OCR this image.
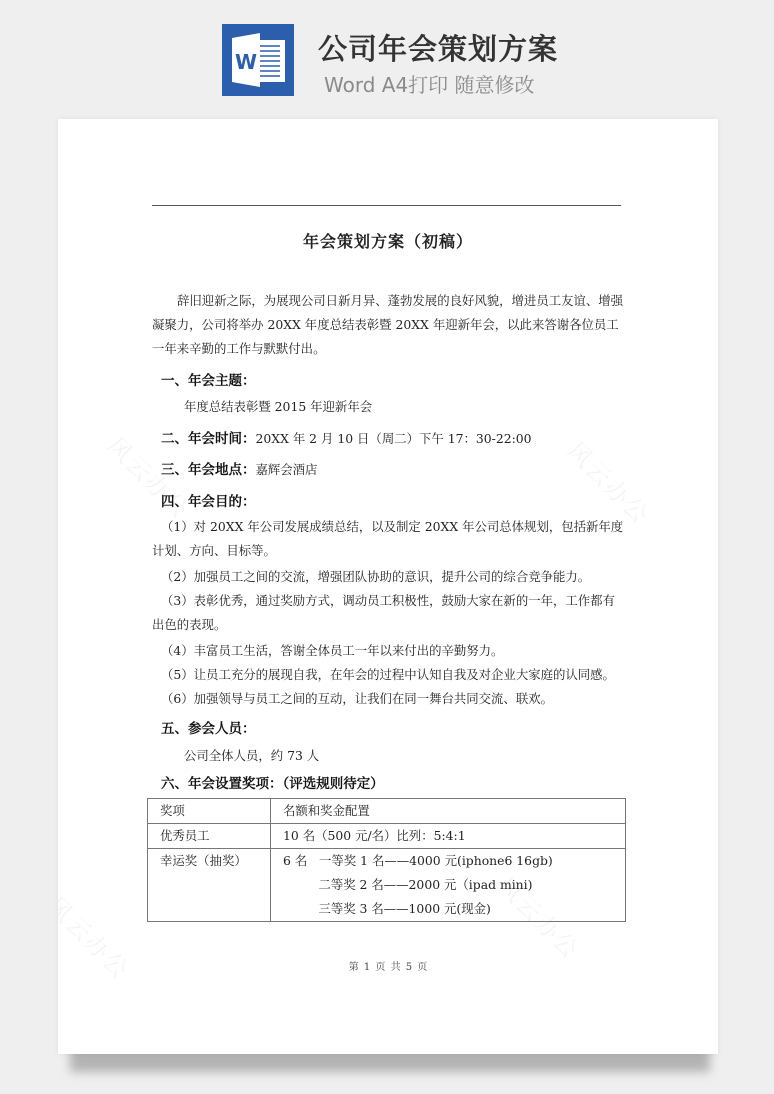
W 公司年会策划方案
Word A4打印 随意修改
年会策划方案（初稿）
辞旧迎新之际，为展现公司日新月异、蓬勃发展的良好风貌，增进员工友谊、增强凝聚力，公司将举办 20XX 年度总结表彰暨 20XX 年迎新年会，以此来答谢各位员工一年来辛勤的工作与默默付出。
一、年会主题：
年度总结表彰暨 2015 年迎新年会
二、年会时间：20XX 年 2 月 10 日（周二）下午 17：30-22:00
三、年会地点：嘉辉会酒店
四、年会目的：
（1）对 20XX 年公司发展成绩总结，以及制定 20XX 年公司总体规划，包括新年度计划、方向、目标等。
（2）加强员工之间的交流，增强团队协助的意识，提升公司的综合竞争能力。
（3）表彰优秀，通过奖励方式，调动员工积极性，鼓励大家在新的一年，工作都有出色的表现。
（4）丰富员工生活，答谢全体员工一年以来付出的辛勤努力。
（5）让员工充分的展现自我，在年会的过程中认知自我及对企业大家庭的认同感。
（6）加强领导与员工之间的互动，让我们在同一舞台共同交流、联欢。
五、参会人员：
公司全体人员，约 73 人
六、年会设置奖项：（评选规则待定）
奖项	名额和奖金配置
优秀员工	10 名（500 元/名）比列：5:4:1
幸运奖（抽奖）	6 名   一等奖 1 名——4000 元(iphone6 16gb)
二等奖 2 名——2000 元（ipad mini)
三等奖 3 名——1000 元(现金)
第 1 页 共 5 页
